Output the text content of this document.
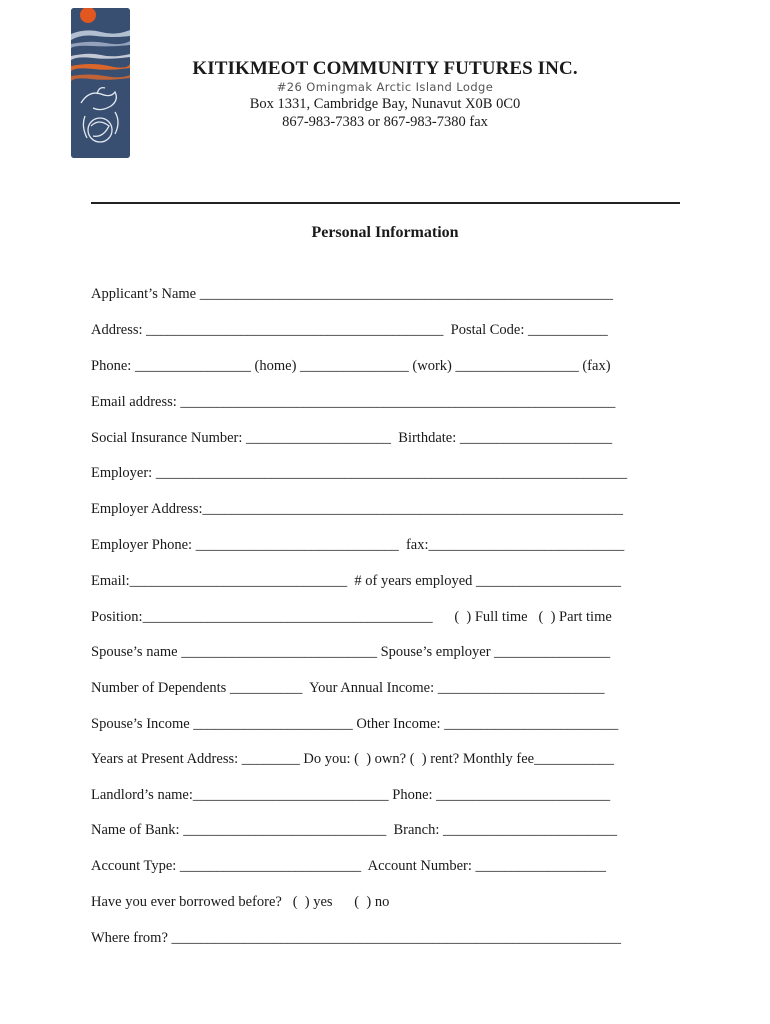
KITIKMEOT COMMUNITY FUTURES INC.
#26 Omingmak Arctic Island Lodge
Box 1331, Cambridge Bay, Nunavut X0B 0C0
867-983-7383 or 867-983-7380 fax
Personal Information
Applicant’s Name _________________________________________________________
Address: _________________________________________  Postal Code: ___________
Phone: ________________ (home) _______________ (work) _________________ (fax)
Email address: ____________________________________________________________
Social Insurance Number: ____________________  Birthdate: _____________________
Employer: _________________________________________________________________
Employer Address:__________________________________________________________
Employer Phone: ____________________________  fax:___________________________
Email:______________________________  # of years employed ____________________
Position:________________________________________      (  ) Full time   (  ) Part time
Spouse’s name ___________________________ Spouse’s employer ________________
Number of Dependents __________  Your Annual Income: _______________________
Spouse’s Income ______________________ Other Income: ________________________
Years at Present Address: ________ Do you: (  ) own? (  ) rent? Monthly fee___________
Landlord’s name:___________________________ Phone: ________________________
Name of Bank: ____________________________  Branch: ________________________
Account Type: _________________________  Account Number: __________________
Have you ever borrowed before?   (  ) yes      (  ) no
Where from? ______________________________________________________________
